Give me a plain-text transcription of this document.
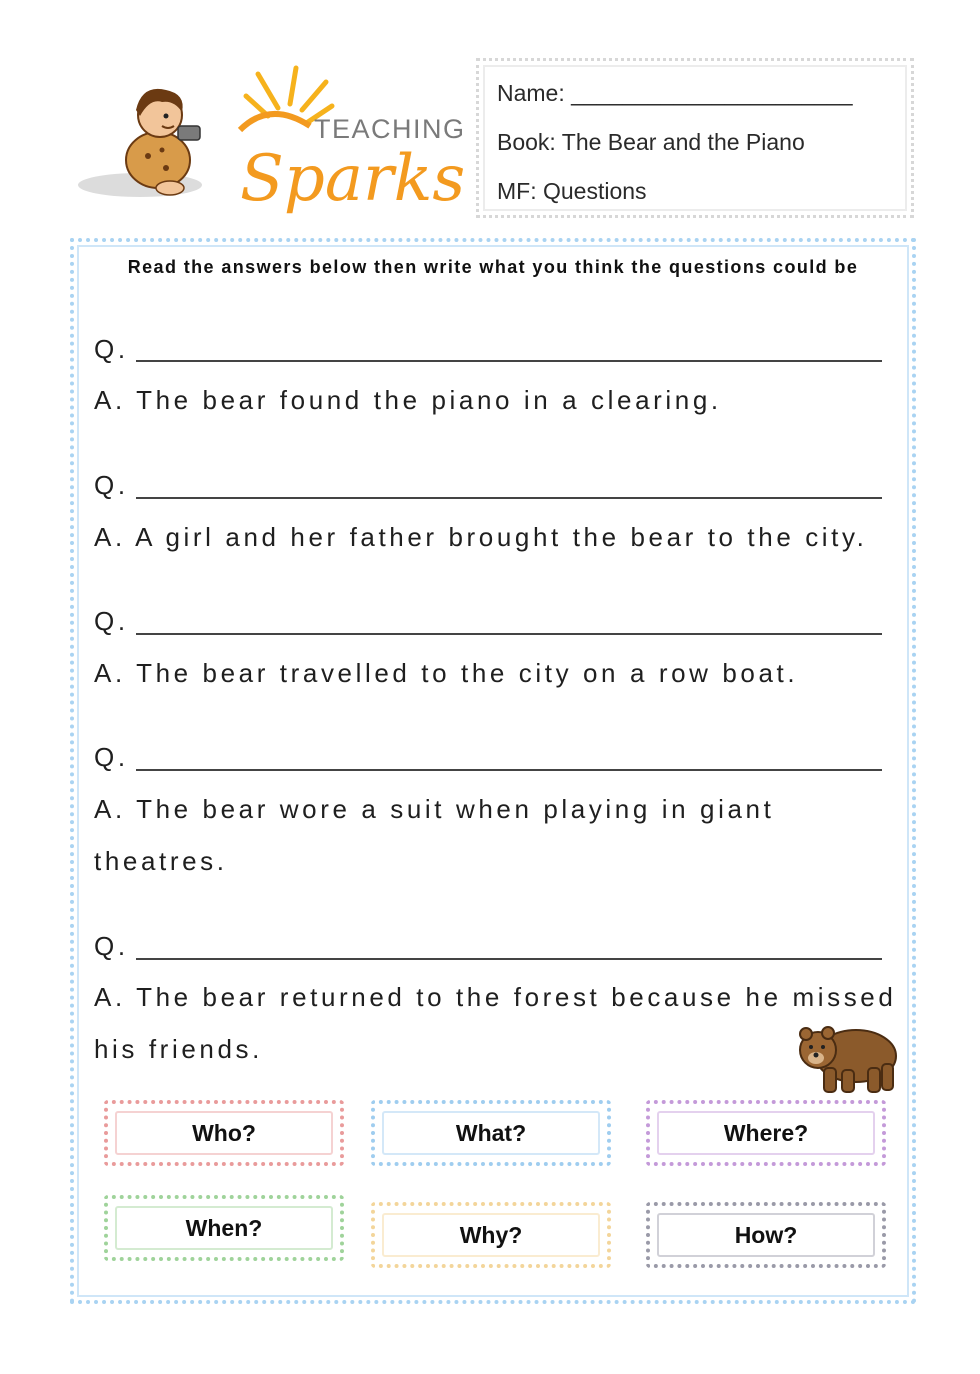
TEACHING
Sparks
Name: ______________________
Book: The Bear and the Piano
MF: Questions
Read the answers below then write what you think the questions could be
Q.
A. The bear found the piano in a clearing.
Q.
A. A girl and her father brought the bear to the city.
Q.
A. The bear travelled to the city on a row boat.
Q.
A. The bear wore a suit when playing in giant
theatres.
Q.
A. The bear returned to the forest because he missed
his friends.
Who?	What?	Where?
When?	Why?	How?
